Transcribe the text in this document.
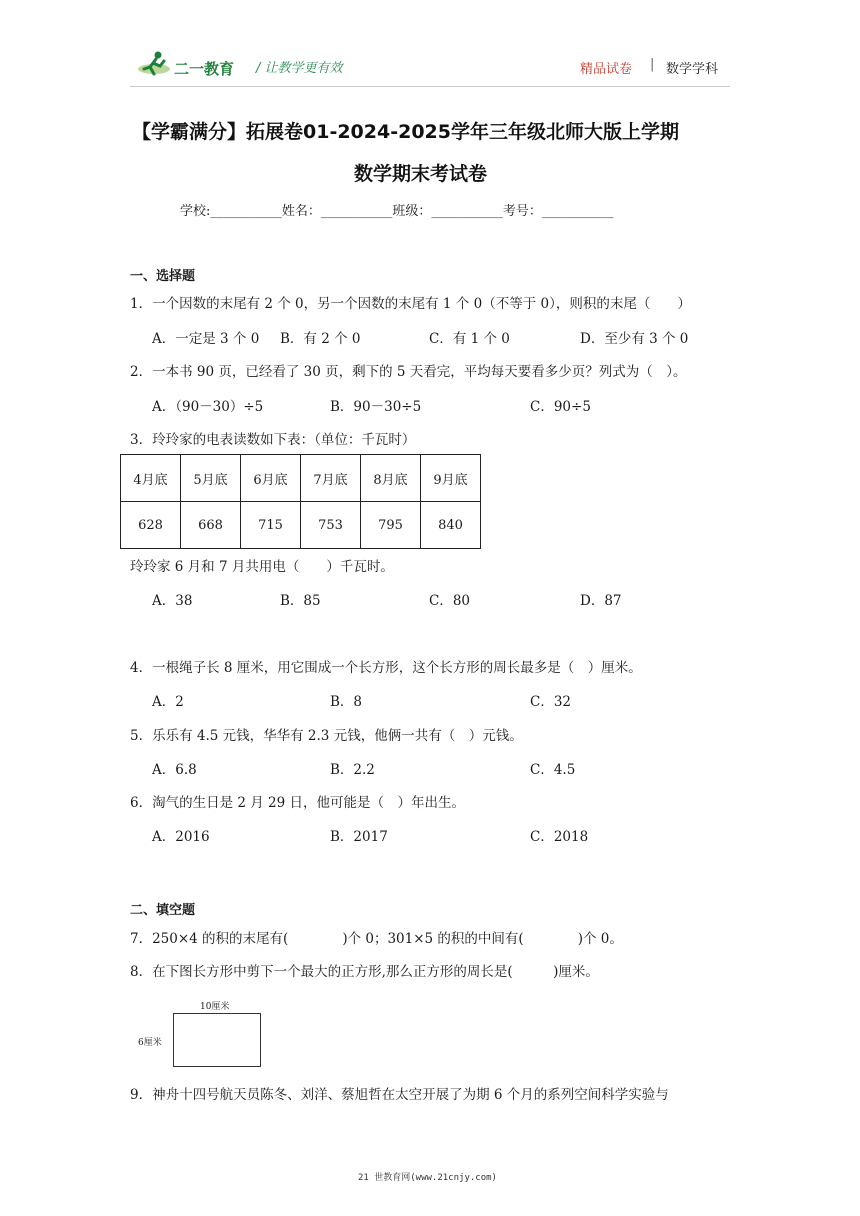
二一教育 / 让教学更有效	精品试卷 | 数学学科
【学霸满分】拓展卷01-2024-2025学年三年级北师大版上学期
数学期末考试卷
学校:___________姓名：___________班级：___________考号：___________
一、选择题
1．一个因数的末尾有 2 个 0，另一个因数的末尾有 1 个 0（不等于 0），则积的末尾（　　）
A．一定是 3 个 0 B．有 2 个 0	C．有 1 个 0	D．至少有 3 个 0
2．一本书 90 页，已经看了 30 页，剩下的 5 天看完，平均每天要看多少页？列式为（　）。
A．（90－30）÷5	B．90－30÷5	C．90÷5
3．玲玲家的电表读数如下表：（单位：千瓦时）
4月底	5月底	6月底	7月底	8月底	9月底
628	668	715	753	795	840
玲玲家 6 月和 7 月共用电（　　）千瓦时。
A．38	B．85	C．80	D．87
4．一根绳子长 8 厘米，用它围成一个长方形，这个长方形的周长最多是（　）厘米。
A．2	B．8	C．32
5．乐乐有 4.5 元钱，华华有 2.3 元钱，他俩一共有（　）元钱。
A．6.8	B．2.2	C．4.5
6．淘气的生日是 2 月 29 日，他可能是（　）年出生。
A．2016	B．2017	C．2018
二、填空题
7．250×4 的积的末尾有(　　　　)个 0；301×5 的积的中间有(　　　　)个 0。
8．在下图长方形中剪下一个最大的正方形,那么正方形的周长是(　　　)厘米。
10厘米
6厘米
9．神舟十四号航天员陈冬、刘洋、蔡旭哲在太空开展了为期 6 个月的系列空间科学实验与
21 世教育网(www.21cnjy.com)
